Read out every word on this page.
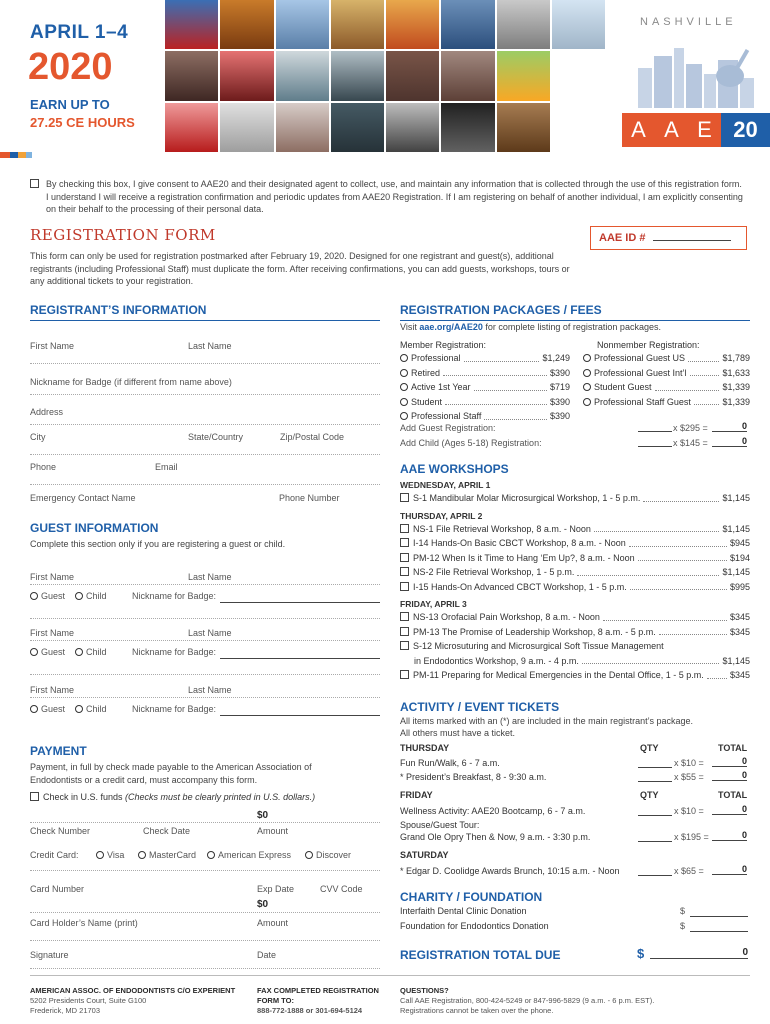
APRIL 1–4
2020
EARN UP TO
27.25 CE HOURS
NASHVILLE
A A E 20
By checking this box, I give consent to AAE20 and their designated agent to collect, use, and maintain any information that is collected through the use of this registration form. I understand I will receive a registration confirmation and periodic updates from AAE20 Registration. If I am registering on behalf of another individual, I am explicitly consenting on their behalf to the processing of their personal data.
REGISTRATION FORM	AAE ID #
This form can only be used for registration postmarked after February 19, 2020. Designed for one registrant and guest(s), additional registrants (including Professional Staff) must duplicate the form. After receiving confirmations, you can add guests, workshops, tours or any additional tickets to your registration.
REGISTRANT’S INFORMATION
First Name	Last Name
Nickname for Badge (if different from name above)
Address
City	State/Country	Zip/Postal Code
Phone	Email
Emergency Contact Name	Phone Number
GUEST INFORMATION
Complete this section only if you are registering a guest or child.
First Name	Last Name
Guest	Child	Nickname for Badge:
First Name	Last Name
Guest	Child	Nickname for Badge:
First Name	Last Name
Guest	Child	Nickname for Badge:
PAYMENT
Payment, in full by check made payable to the American Association of Endodontists or a credit card, must accompany this form.
Check in U.S. funds (Checks must be clearly printed in U.S. dollars.)
$0
Check Number	Check Date	Amount
Credit Card:	Visa	MasterCard	American Express	Discover
Card Number	Exp Date	CVV Code
$0
Card Holder’s Name (print)	Amount
Signature	Date
REGISTRATION PACKAGES / FEES
Visit aae.org/AAE20 for complete listing of registration packages.
Member Registration:	Nonmember Registration:
Professional	$1,249
Retired	$390
Active 1st Year	$719
Student	$390
Professional Staff	$390
Professional Guest US	$1,789
Professional Guest Int’l	$1,633
Student Guest	$1,339
Professional Staff Guest	$1,339
Add Guest Registration:	x $295 =	0
Add Child (Ages 5-18) Registration:	x $145 =	0
AAE WORKSHOPS
WEDNESDAY, APRIL 1
S-1 Mandibular Molar Microsurgical Workshop, 1 - 5 p.m.	$1,145
THURSDAY, APRIL 2
NS-1 File Retrieval Workshop, 8 a.m. - Noon	$1,145
I-14 Hands-On Basic CBCT Workshop, 8 a.m. - Noon	$945
PM-12 When Is it Time to Hang ‘Em Up?, 8 a.m. - Noon	$194
NS-2 File Retrieval Workshop, 1 - 5 p.m.	$1,145
I-15 Hands-On Advanced CBCT Workshop, 1 - 5 p.m.	$995
FRIDAY, APRIL 3
NS-13 Orofacial Pain Workshop, 8 a.m. - Noon	$345
PM-13 The Promise of Leadership Workshop, 8 a.m. - 5 p.m.	$345
S-12 Microsuturing and Microsurgical Soft Tissue Management
in Endodontics Workshop, 9 a.m. - 4 p.m.	$1,145
PM-11 Preparing for Medical Emergencies in the Dental Office, 1 - 5 p.m.	$345
ACTIVITY / EVENT TICKETS
All items marked with an (*) are included in the main registrant’s package.
All others must have a ticket.
THURSDAY	QTY	TOTAL
Fun Run/Walk, 6 - 7 a.m.	x $10 =	0
* President’s Breakfast, 8 - 9:30 a.m.	x $55 =	0
FRIDAY	QTY	TOTAL
Wellness Activity: AAE20 Bootcamp, 6 - 7 a.m.	x $10 =	0
Spouse/Guest Tour:
Grand Ole Opry Then & Now, 9 a.m. - 3:30 p.m.	x $195 =	0
SATURDAY
* Edgar D. Coolidge Awards Brunch, 10:15 a.m. - Noon	x $65 =	0
CHARITY / FOUNDATION
Interfaith Dental Clinic Donation	$
Foundation for Endodontics Donation	$
REGISTRATION TOTAL DUE	$	0
AMERICAN ASSOC. OF ENDODONTISTS C/O EXPERIENT
5202 Presidents Court, Suite G100
Frederick, MD 21703
FAX COMPLETED REGISTRATION FORM TO:
888-772-1888 or 301-694-5124
QUESTIONS?
Call AAE Registration, 800-424-5249 or 847-996-5829 (9 a.m. - 6 p.m. EST).
Registrations cannot be taken over the phone.
